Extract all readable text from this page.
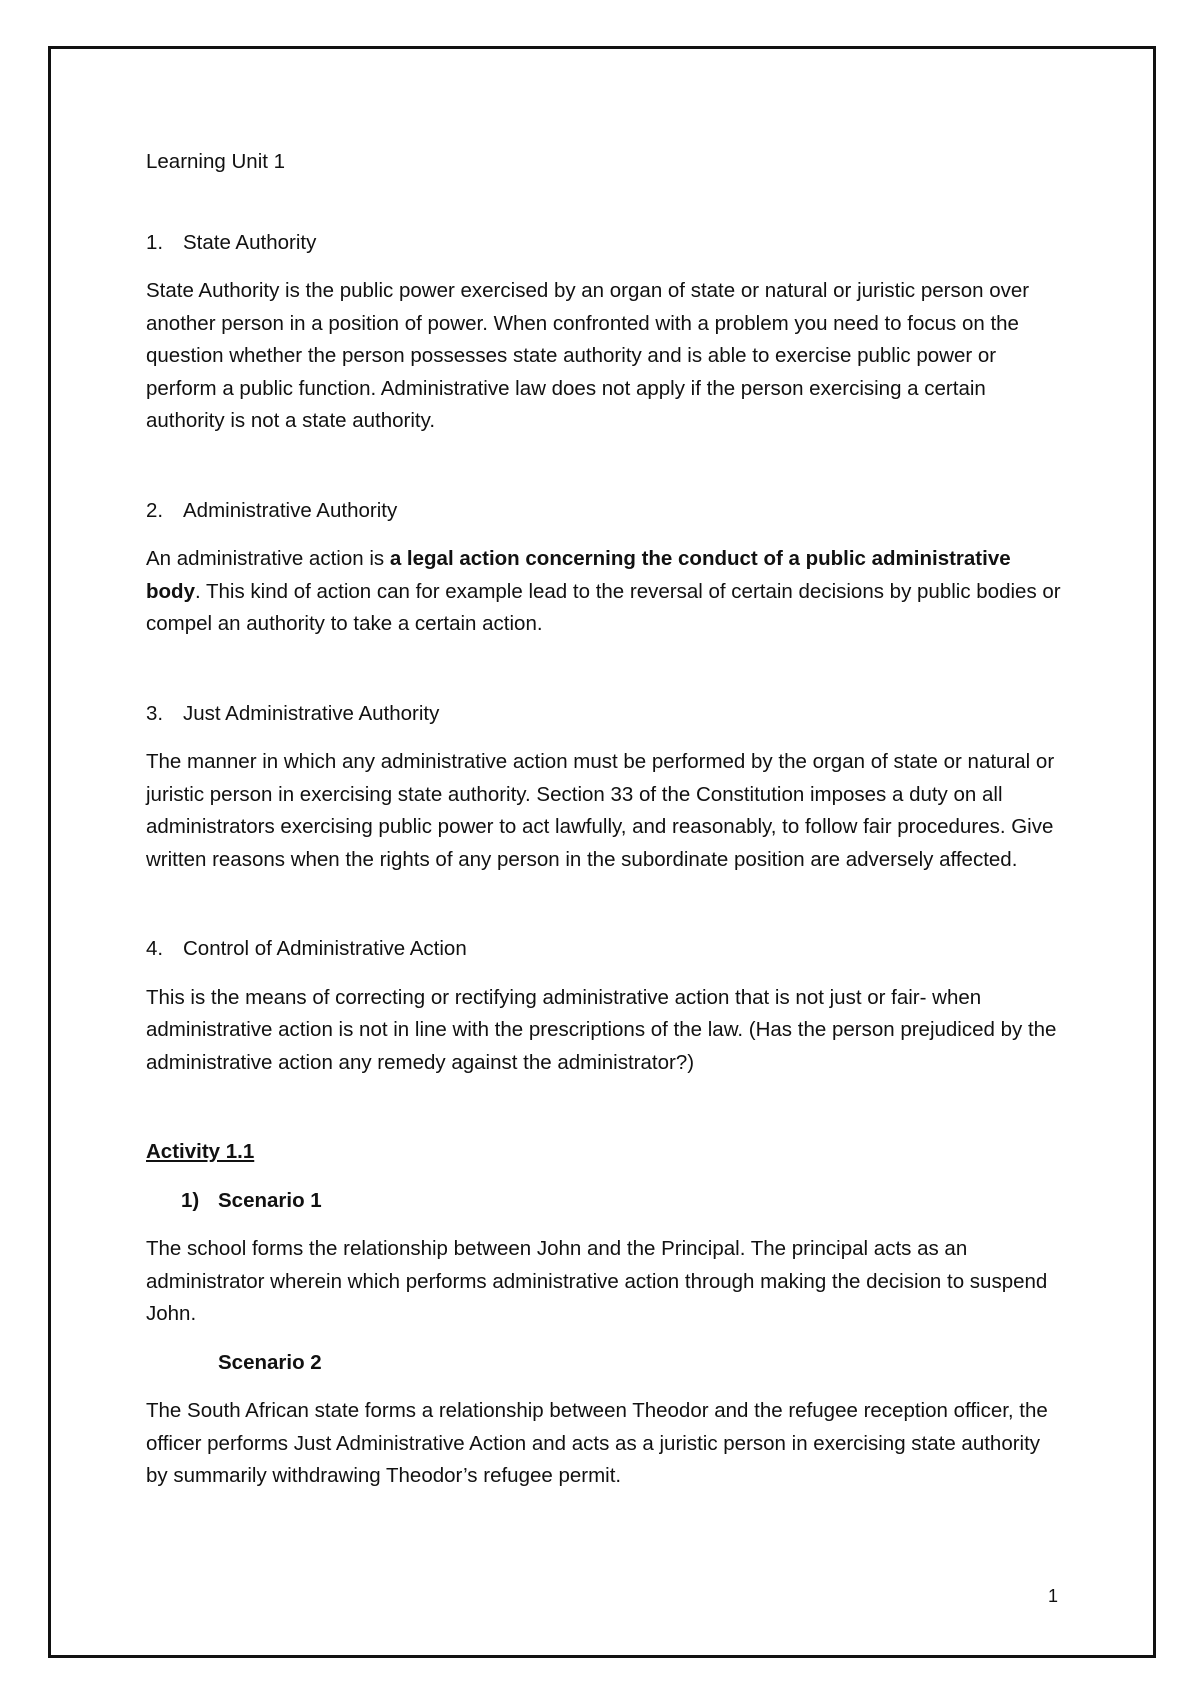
Learning Unit 1
1. State Authority

State Authority is the public power exercised by an organ of state or natural or juristic person over another person in a position of power. When confronted with a problem you need to focus on the question whether the person possesses state authority and is able to exercise public power or perform a public function. Administrative law does not apply if the person exercising a certain authority is not a state authority.

2. Administrative Authority

An administrative action is a legal action concerning the conduct of a public administrative body. This kind of action can for example lead to the reversal of certain decisions by public bodies or compel an authority to take a certain action.

3. Just Administrative Authority

The manner in which any administrative action must be performed by the organ of state or natural or juristic person in exercising state authority. Section 33 of the Constitution imposes a duty on all administrators exercising public power to act lawfully, and reasonably, to follow fair procedures. Give written reasons when the rights of any person in the subordinate position are adversely affected.

4. Control of Administrative Action

This is the means of correcting or rectifying administrative action that is not just or fair- when administrative action is not in line with the prescriptions of the law. (Has the person prejudiced by the administrative action any remedy against the administrator?)

Activity 1.1
1) Scenario 1

The school forms the relationship between John and the Principal. The principal acts as an administrator wherein which performs administrative action through making the decision to suspend John.

Scenario 2

The South African state forms a relationship between Theodor and the refugee reception officer, the officer performs Just Administrative Action and acts as a juristic person in exercising state authority by summarily withdrawing Theodor’s refugee permit.

1
